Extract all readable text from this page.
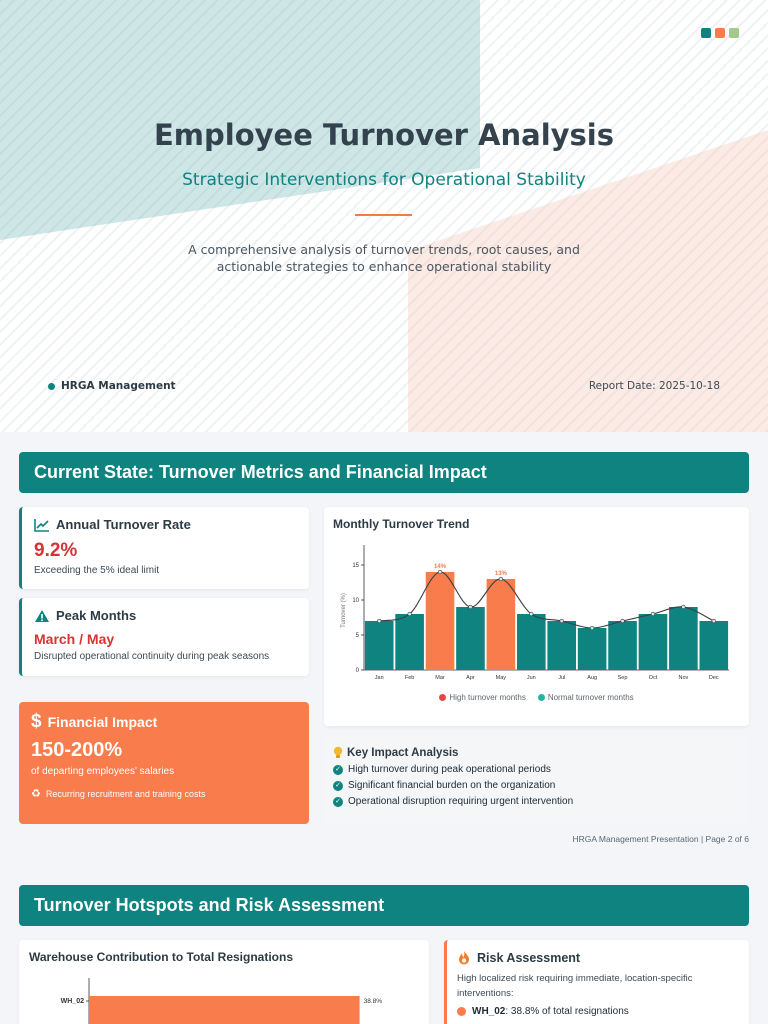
Employee Turnover Analysis
Strategic Interventions for Operational Stability

A comprehensive analysis of turnover trends, root causes, and actionable strategies to enhance operational stability

HRGA Management	Report Date: 2025-10-18
Current State: Turnover Metrics and Financial Impact
Annual Turnover Rate
9.2%
Exceeding the 5% ideal limit
Peak Months
March / May
Disrupted operational continuity during peak seasons
$ Financial Impact
150-200%
of departing employees' salaries
♻ Recurring recruitment and training costs
Monthly Turnover Trend
0
5
10
15
Turnover (%)
Jan	Feb	Mar
14%
Apr	May
13%
Jun	Jul	Aug	Sep	Oct	Nov	Dec
High turnover months	Normal turnover months
Key Impact Analysis
✓ High turnover during peak operational periods
✓ Significant financial burden on the organization
✓ Operational disruption requiring urgent intervention
HRGA Management Presentation | Page 2 of 6
Turnover Hotspots and Risk Assessment
Warehouse Contribution to Total Resignations
WH_02	38.8%
Risk Assessment
High localized risk requiring immediate, location-specific interventions:
WH_02: 38.8% of total resignations
